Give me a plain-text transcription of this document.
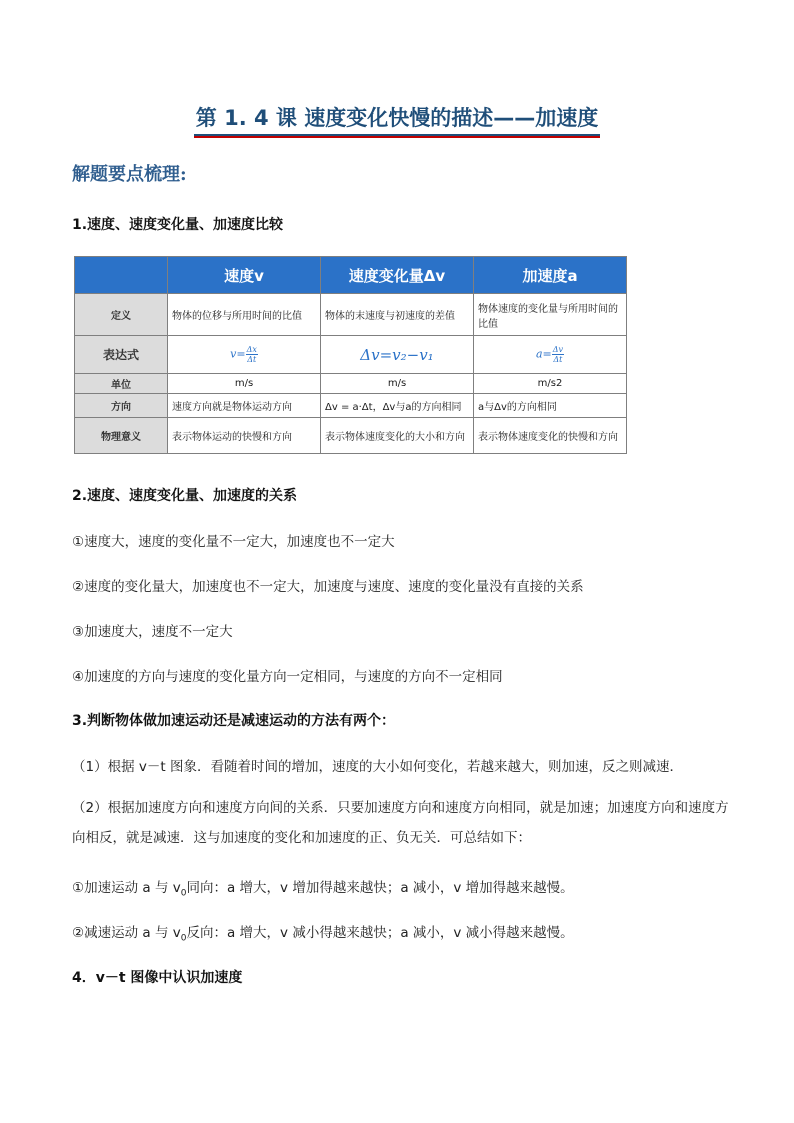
第 1. 4 课 速度变化快慢的描述——加速度
解题要点梳理:
1.速度、速度变化量、加速度比较
	速度v	速度变化量Δv	加速度a
定义	物体的位移与所用时间的比值	物体的末速度与初速度的差值	物体速度的变化量与所用时间的比值
表达式	$v= \frac{\Delta x}{\Delta t}$	Δv=v₂−v₁	$a= \frac{\Delta v}{\Delta t}$
单位	m/s	m/s	m/s2
方向	速度方向就是物体运动方向	Δv = a·Δt，Δv与a的方向相同	a与Δv的方向相同
物理意义	表示物体运动的快慢和方向	表示物体速度变化的大小和方向	表示物体速度变化的快慢和方向
2.速度、速度变化量、加速度的关系
①速度大，速度的变化量不一定大，加速度也不一定大
②速度的变化量大，加速度也不一定大，加速度与速度、速度的变化量没有直接的关系
③加速度大，速度不一定大
④加速度的方向与速度的变化量方向一定相同，与速度的方向不一定相同
3.判断物体做加速运动还是减速运动的方法有两个：
（1）根据 v－t 图象．看随着时间的增加，速度的大小如何变化，若越来越大，则加速，反之则减速．
（2）根据加速度方向和速度方向间的关系．只要加速度方向和速度方向相同，就是加速；加速度方向和速度方向相反，就是减速．这与加速度的变化和加速度的正、负无关．可总结如下：
①加速运动 a 与 $v_0$同向：a 增大，v 增加得越来越快；a 减小，v 增加得越来越慢。
②减速运动 a 与 $v_0$反向：a 增大，v 减小得越来越快；a 减小，v 减小得越来越慢。
4．v－t 图像中认识加速度
